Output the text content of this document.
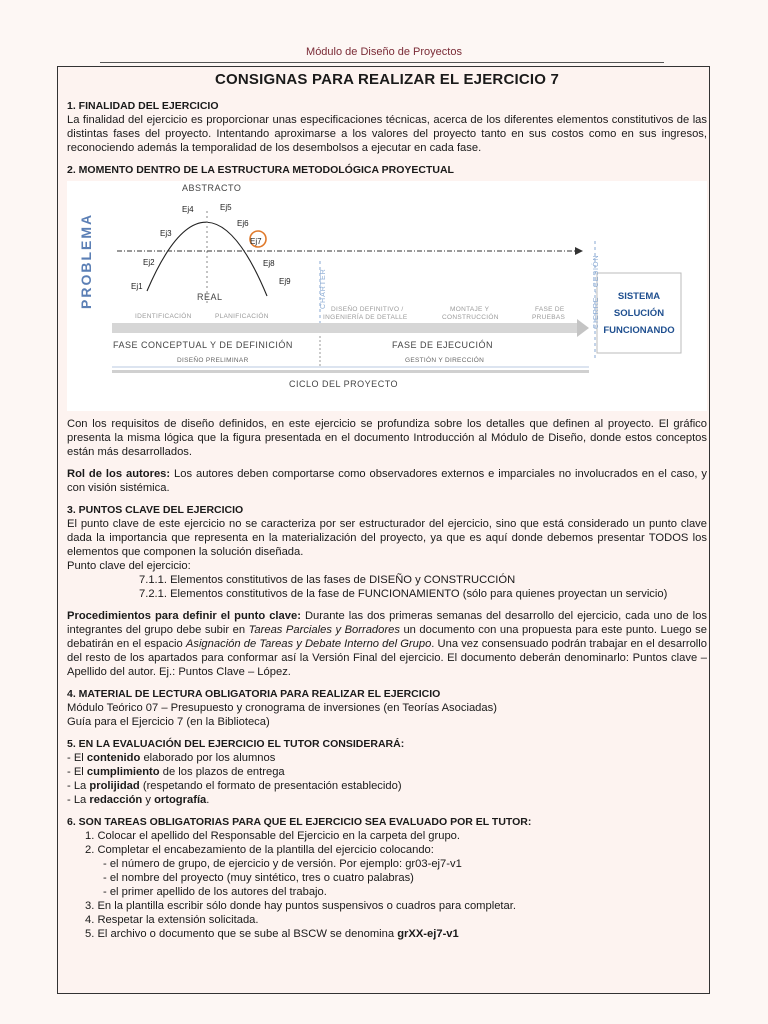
Módulo de Diseño de Proyectos
CONSIGNAS PARA REALIZAR EL EJERCICIO 7
1. FINALIDAD DEL EJERCICIO

La finalidad del ejercicio es proporcionar unas especificaciones técnicas, acerca de los diferentes elementos constitutivos de las distintas fases del proyecto. Intentando aproximarse a los valores del proyecto tanto en sus costos como en sus ingresos, reconociendo además la temporalidad de los desembolsos a ejecutar en cada fase.

2. MOMENTO DENTRO DE LA ESTRUCTURA METODOLÓGICA PROYECTUAL
ABSTRACTO
REAL
PROBLEMA	CHARTER	CIERRE - CESIÓN
Ej1
Ej2
Ej3
Ej4	Ej5
Ej6
Ej7
Ej8
Ej9
IDENTIFICACIÓN	PLANIFICACIÓN
DISEÑO DEFINITIVO /
INGENIERÍA DE DETALLE
MONTAJE Y
CONSTRUCCIÓN
FASE DE
PRUEBAS
FASE CONCEPTUAL Y DE DEFINICIÓN
DISEÑO PRELIMINAR
FASE DE EJECUCIÓN
GESTIÓN Y DIRECCIÓN
CICLO DEL PROYECTO
SISTEMA
SOLUCIÓN
FUNCIONANDO

Con los requisitos de diseño definidos, en este ejercicio se profundiza sobre los detalles que definen al proyecto. El gráfico presenta la misma lógica que la figura presentada en el documento Introducción al Módulo de Diseño, donde estos conceptos están más desarrollados.

Rol de los autores: Los autores deben comportarse como observadores externos e imparciales no involucrados en el caso, y con visión sistémica.

3. PUNTOS CLAVE DEL EJERCICIO

El punto clave de este ejercicio no se caracteriza por ser estructurador del ejercicio, sino que está considerado un punto clave dada la importancia que representa en la materialización del proyecto, ya que es aquí donde debemos presentar TODOS los elementos que componen la solución diseñada.

Punto clave del ejercicio:
7.1.1. Elementos constitutivos de las fases de DISEÑO y CONSTRUCCIÓN
7.2.1. Elementos constitutivos de la fase de FUNCIONAMIENTO (sólo para quienes proyectan un servicio)

Procedimientos para definir el punto clave: Durante las dos primeras semanas del desarrollo del ejercicio, cada uno de los integrantes del grupo debe subir en Tareas Parciales y Borradores un documento con una propuesta para este punto. Luego se debatirán en el espacio Asignación de Tareas y Debate Interno del Grupo. Una vez consensuado podrán trabajar en el desarrollo del resto de los apartados para conformar así la Versión Final del ejercicio. El documento deberán denominarlo: Puntos clave – Apellido del autor. Ej.: Puntos Clave – López.

4. MATERIAL DE LECTURA OBLIGATORIA PARA REALIZAR EL EJERCICIO
Módulo Teórico 07 – Presupuesto y cronograma de inversiones (en Teorías Asociadas)
Guía para el Ejercicio 7 (en la Biblioteca)
5. EN LA EVALUACIÓN DEL EJERCICIO EL TUTOR CONSIDERARÁ:
- El contenido elaborado por los alumnos
- El cumplimiento de los plazos de entrega
- La prolijidad (respetando el formato de presentación establecido)
- La redacción y ortografía.
6. SON TAREAS OBLIGATORIAS PARA QUE EL EJERCICIO SEA EVALUADO POR EL TUTOR:
1. Colocar el apellido del Responsable del Ejercicio en la carpeta del grupo.
2. Completar el encabezamiento de la plantilla del ejercicio colocando:
- el número de grupo, de ejercicio y de versión. Por ejemplo: gr03-ej7-v1
- el nombre del proyecto (muy sintético, tres o cuatro palabras)
- el primer apellido de los autores del trabajo.
3. En la plantilla escribir sólo donde hay puntos suspensivos o cuadros para completar.
4. Respetar la extensión solicitada.
5. El archivo o documento que se sube al BSCW se denomina grXX-ej7-v1
